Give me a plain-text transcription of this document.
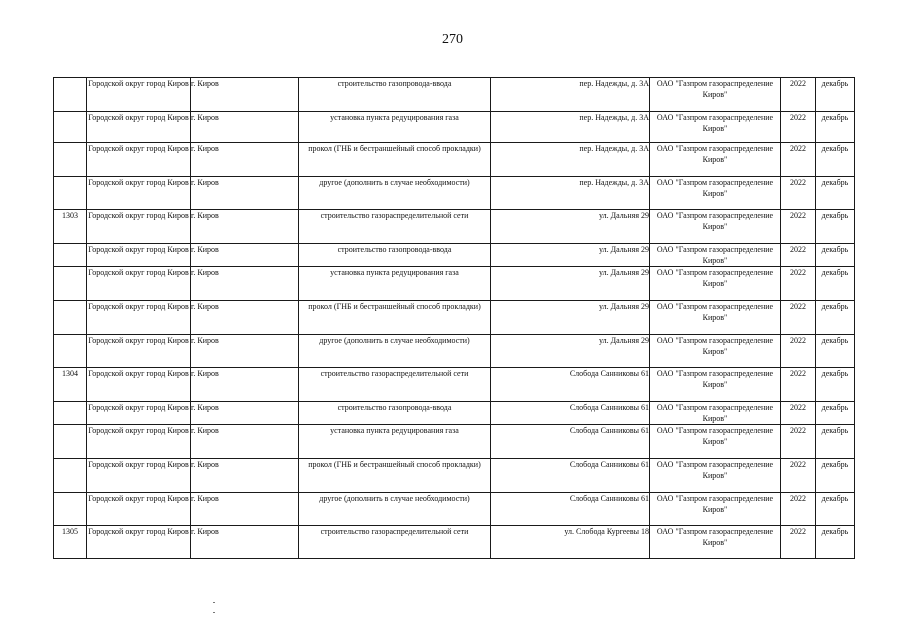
270
	Городской округ город Киров	г. Киров	строительство газопровода-ввода	пер. Надежды, д. 3А	ОАО "Газпром газораспределение Киров"	2022	декабрь
	Городской округ город Киров	г. Киров	установка пункта редуцирования газа	пер. Надежды, д. 3А	ОАО "Газпром газораспределение Киров"	2022	декабрь
	Городской округ город Киров	г. Киров	прокол (ГНБ и бестраншейный способ прокладки)	пер. Надежды, д. 3А	ОАО "Газпром газораспределение Киров"	2022	декабрь
	Городской округ город Киров	г. Киров	другое (дополнить в случае необходимости)	пер. Надежды, д. 3А	ОАО "Газпром газораспределение Киров"	2022	декабрь
1303	Городской округ город Киров	г. Киров	строительство газораспределительной сети	ул. Дальняя 29	ОАО "Газпром газораспределение Киров"	2022	декабрь
	Городской округ город Киров	г. Киров	строительство газопровода-ввода	ул. Дальняя 29	ОАО "Газпром газораспределение Киров"	2022	декабрь
	Городской округ город Киров	г. Киров	установка пункта редуцирования газа	ул. Дальняя 29	ОАО "Газпром газораспределение Киров"	2022	декабрь
	Городской округ город Киров	г. Киров	прокол (ГНБ и бестраншейный способ прокладки)	ул. Дальняя 29	ОАО "Газпром газораспределение Киров"	2022	декабрь
	Городской округ город Киров	г. Киров	другое (дополнить в случае необходимости)	ул. Дальняя 29	ОАО "Газпром газораспределение Киров"	2022	декабрь
1304	Городской округ город Киров	г. Киров	строительство газораспределительной сети	Слобода Санниковы 61	ОАО "Газпром газораспределение Киров"	2022	декабрь
	Городской округ город Киров	г. Киров	строительство газопровода-ввода	Слобода Санниковы 61	ОАО "Газпром газораспределение Киров"	2022	декабрь
	Городской округ город Киров	г. Киров	установка пункта редуцирования газа	Слобода Санниковы 61	ОАО "Газпром газораспределение Киров"	2022	декабрь
	Городской округ город Киров	г. Киров	прокол (ГНБ и бестраншейный способ прокладки)	Слобода Санниковы 61	ОАО "Газпром газораспределение Киров"	2022	декабрь
	Городской округ город Киров	г. Киров	другое (дополнить в случае необходимости)	Слобода Санниковы 61	ОАО "Газпром газораспределение Киров"	2022	декабрь
1305	Городской округ город Киров	г. Киров	строительство газораспределительной сети	ул. Слобода Кургеевы 18	ОАО "Газпром газораспределение Киров"	2022	декабрь
